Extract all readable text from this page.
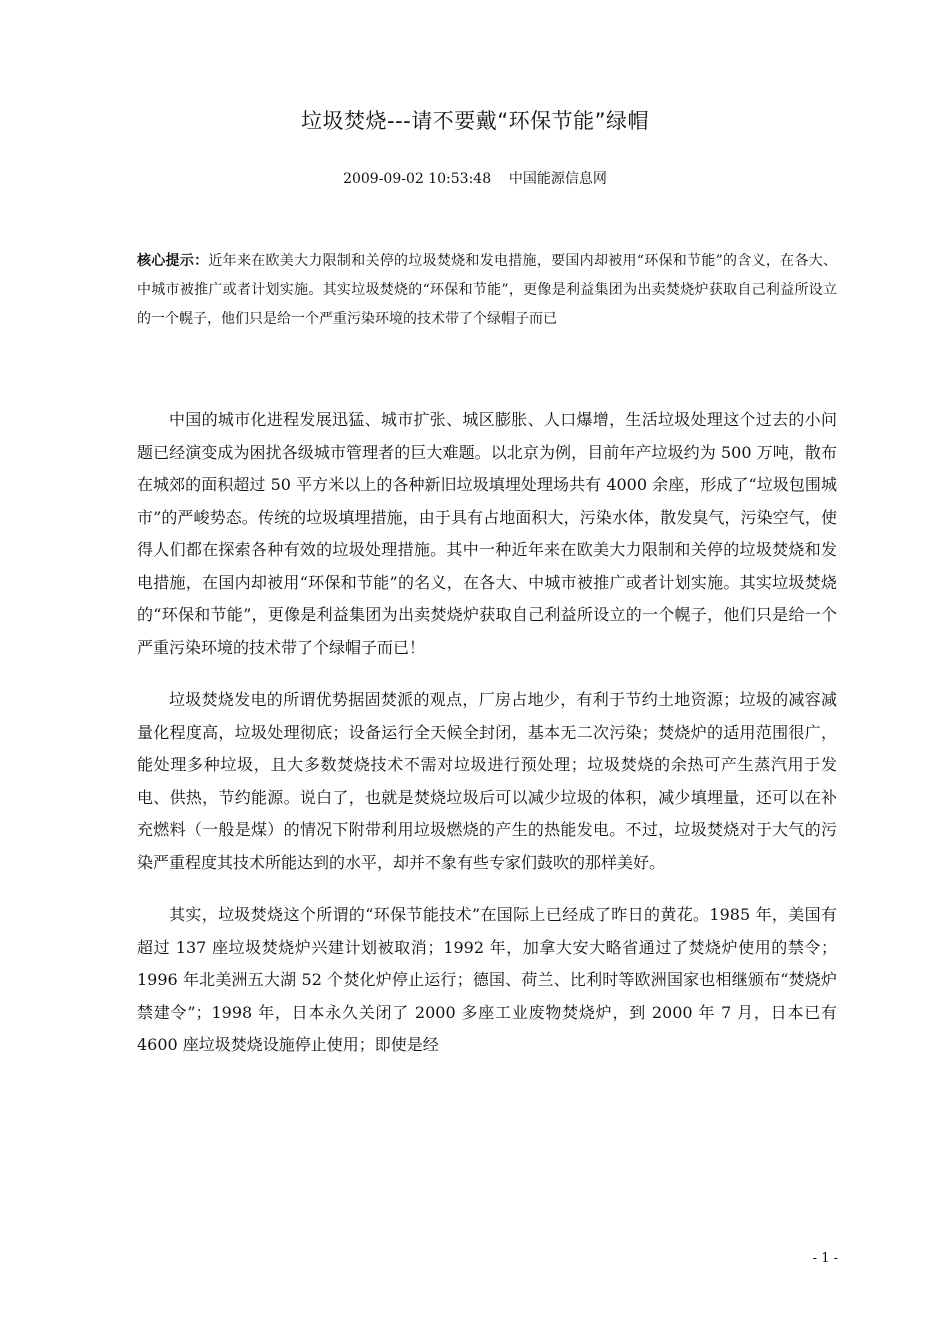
垃圾焚烧---请不要戴“环保节能”绿帽
2009-09-02 10:53:48    中国能源信息网
核心提示：近年来在欧美大力限制和关停的垃圾焚烧和发电措施，要国内却被用“环保和节能”的含义，在各大、中城市被推广或者计划实施。其实垃圾焚烧的“环保和节能”，更像是利益集团为出卖焚烧炉获取自己利益所设立的一个幌子，他们只是给一个严重污染环境的技术带了个绿帽子而已

中国的城市化进程发展迅猛、城市扩张、城区膨胀、人口爆增，生活垃圾处理这个过去的小问题已经演变成为困扰各级城市管理者的巨大难题。以北京为例，目前年产垃圾约为 500 万吨，散布在城郊的面积超过 50 平方米以上的各种新旧垃圾填埋处理场共有 4000 余座，形成了“垃圾包围城市”的严峻势态。传统的垃圾填埋措施，由于具有占地面积大，污染水体，散发臭气，污染空气，使得人们都在探索各种有效的垃圾处理措施。其中一种近年来在欧美大力限制和关停的垃圾焚烧和发电措施，在国内却被用“环保和节能”的名义，在各大、中城市被推广或者计划实施。其实垃圾焚烧的“环保和节能”，更像是利益集团为出卖焚烧炉获取自己利益所设立的一个幌子，他们只是给一个严重污染环境的技术带了个绿帽子而已！

垃圾焚烧发电的所谓优势据固焚派的观点，厂房占地少，有利于节约土地资源；垃圾的减容减量化程度高，垃圾处理彻底；设备运行全天候全封闭，基本无二次污染；焚烧炉的适用范围很广，能处理多种垃圾，且大多数焚烧技术不需对垃圾进行预处理；垃圾焚烧的余热可产生蒸汽用于发电、供热，节约能源。说白了，也就是焚烧垃圾后可以减少垃圾的体积，减少填埋量，还可以在补充燃料（一般是煤）的情况下附带利用垃圾燃烧的产生的热能发电。不过，垃圾焚烧对于大气的污染严重程度其技术所能达到的水平，却并不象有些专家们鼓吹的那样美好。

其实，垃圾焚烧这个所谓的“环保节能技术”在国际上已经成了昨日的黄花。1985 年，美国有超过 137 座垃圾焚烧炉兴建计划被取消；1992 年，加拿大安大略省通过了焚烧炉使用的禁令；1996 年北美洲五大湖 52 个焚化炉停止运行；德国、荷兰、比利时等欧洲国家也相继颁布“焚烧炉禁建令”；1998 年，日本永久关闭了 2000 多座工业废物焚烧炉，到 2000 年 7 月，日本已有 4600 座垃圾焚烧设施停止使用；即使是经

- 1 -
